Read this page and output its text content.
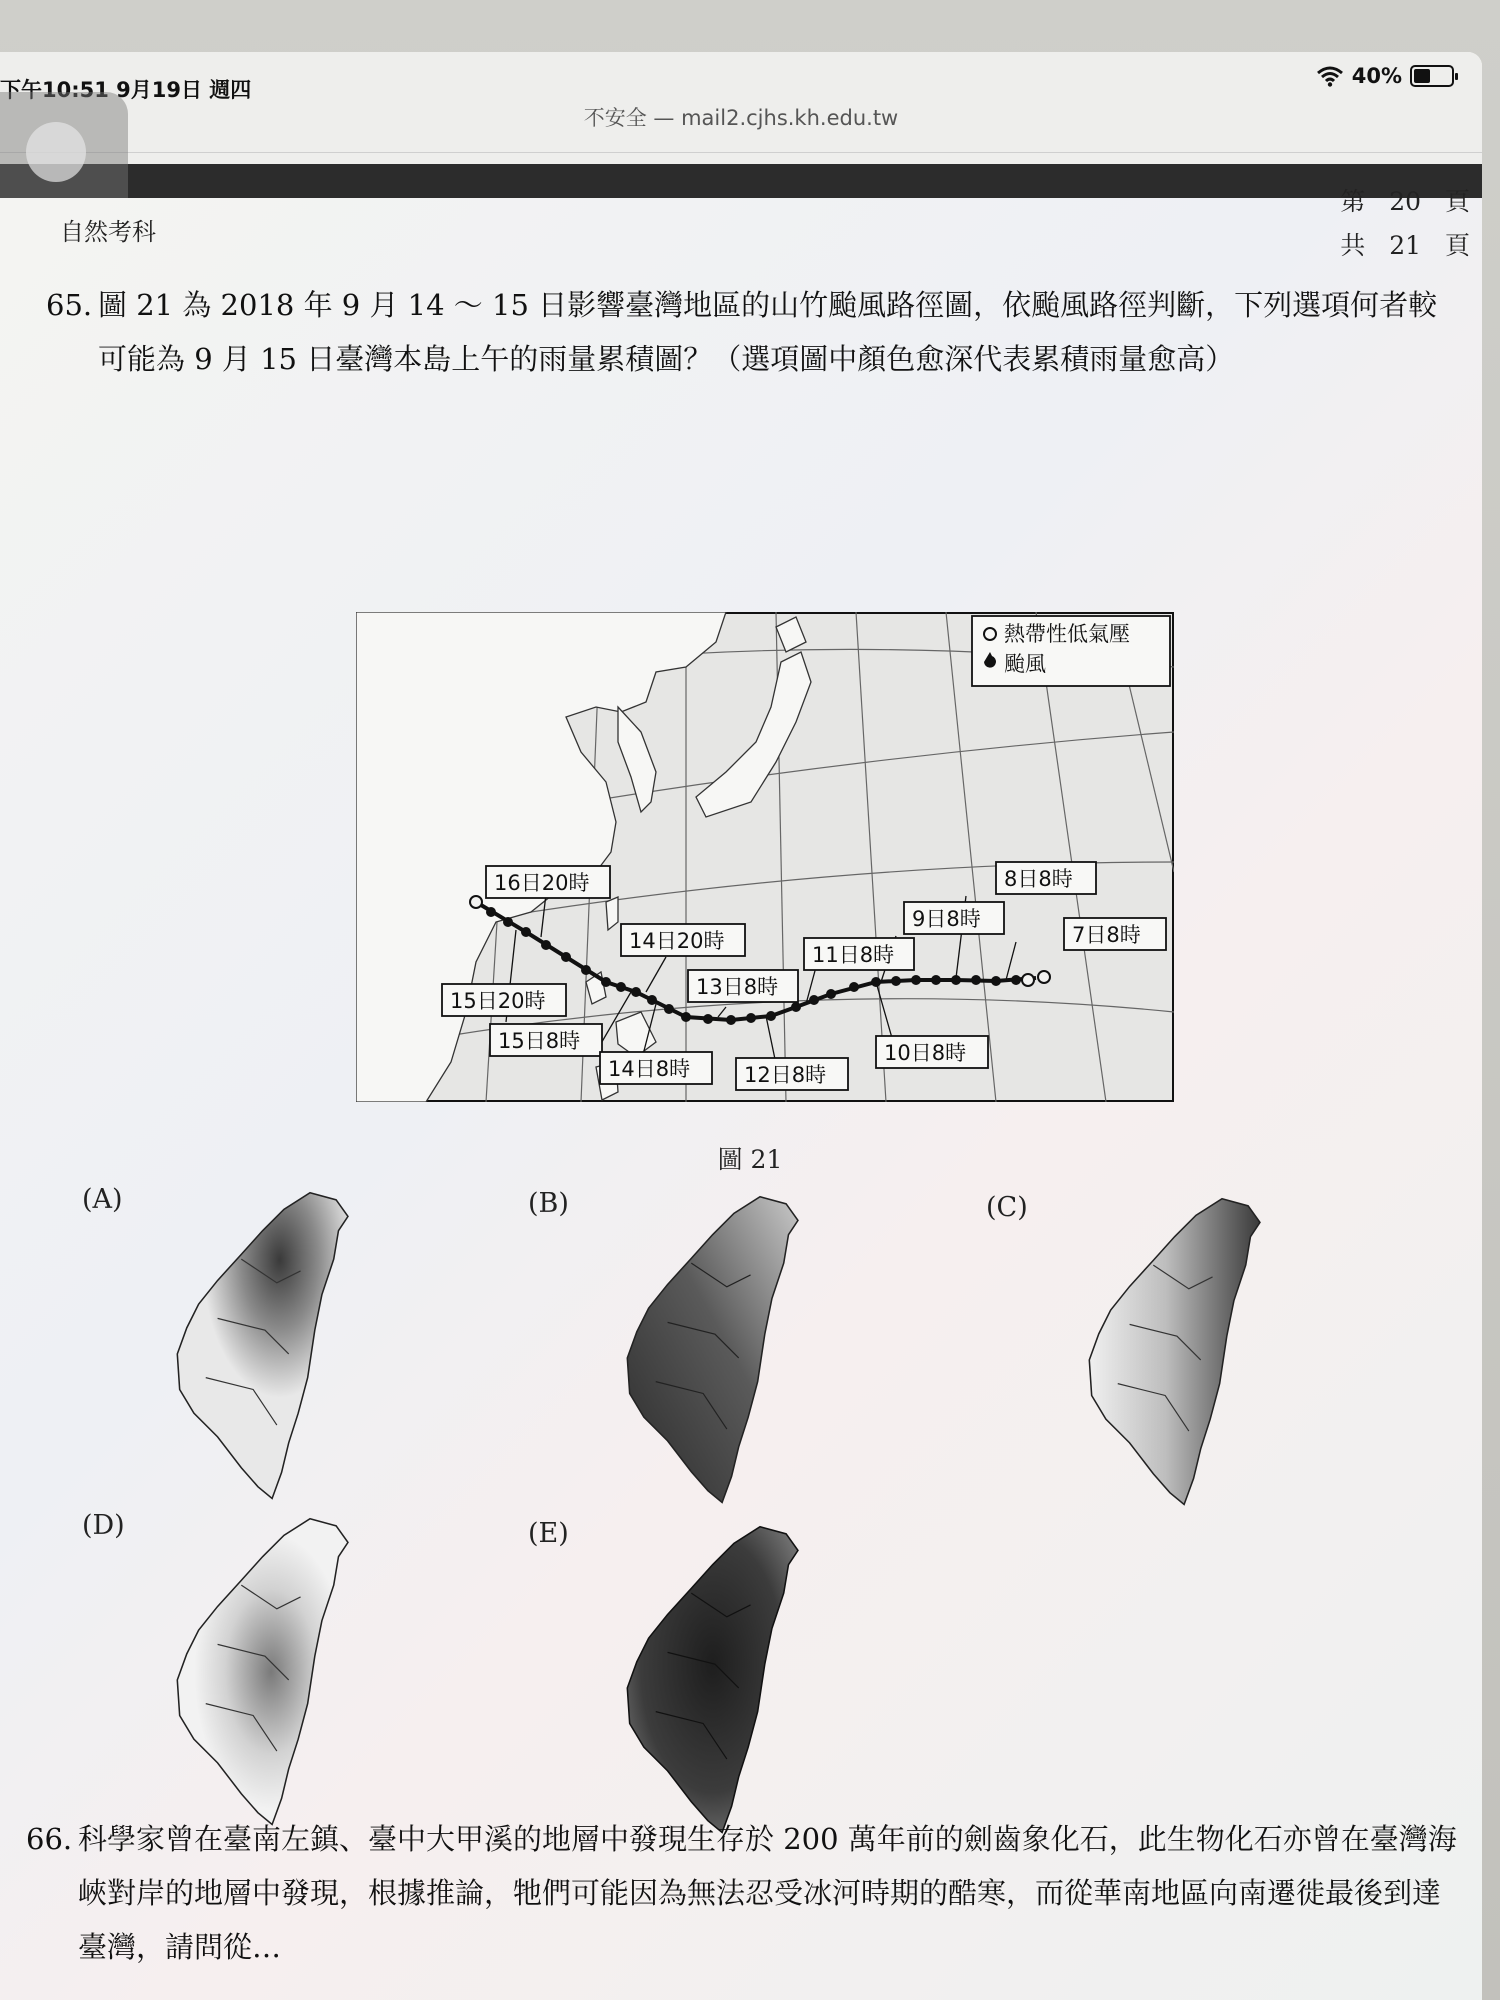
下午10:51 9月19日 週四
40%
不安全 — mail2.cjhs.kh.edu.tw
自然考科
第 20 頁
共 21 頁
65. 圖 21 為 2018 年 9 月 14 ～ 15 日影響臺灣地區的山竹颱風路徑圖，依颱風路徑判斷，下列選項何者較可能為 9 月 15 日臺灣本島上午的雨量累積圖？（選項圖中顏色愈深代表累積雨量愈高）
16日20時
14日20時
13日8時
11日8時
9日8時
8日8時
7日8時
15日20時
15日8時
14日8時	12日8時
10日8時
熱帶性低氣壓
颱風
圖 21
(A)	(B)	(C)
(D)	(E)
66. 科學家曾在臺南左鎮、臺中大甲溪的地層中發現生存於 200 萬年前的劍齒象化石，此生物化石亦曾在臺灣海峽對岸的地層中發現，根據推論，牠們可能因為無法忍受冰河時期的酷寒，而從華南地區向南遷徙最後到達臺灣，請問從…
